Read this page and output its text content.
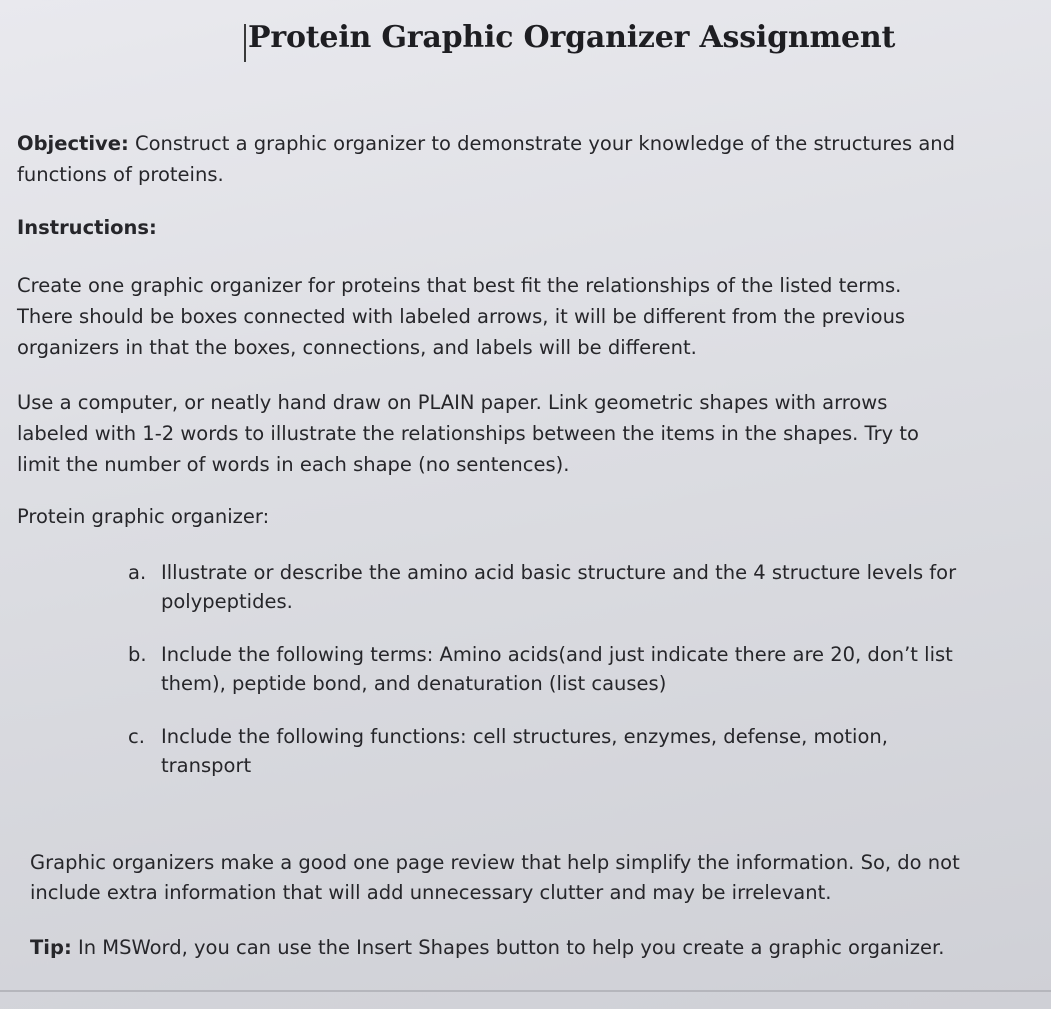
Protein Graphic Organizer Assignment
Objective: Construct a graphic organizer to demonstrate your knowledge of the structures and
functions of proteins.
Instructions:
Create one graphic organizer for proteins that best fit the relationships of the listed terms.
There should be boxes connected with labeled arrows, it will be different from the previous
organizers in that the boxes, connections, and labels will be different.
Use a computer, or neatly hand draw on PLAIN paper. Link geometric shapes with arrows
labeled with 1-2 words to illustrate the relationships between the items in the shapes. Try to
limit the number of words in each shape (no sentences).
Protein graphic organizer:
a. Illustrate or describe the amino acid basic structure and the 4 structure levels for
polypeptides.
b. Include the following terms: Amino acids(and just indicate there are 20, don’t list
them), peptide bond, and denaturation (list causes)
c. Include the following functions: cell structures, enzymes, defense, motion,
transport
Graphic organizers make a good one page review that help simplify the information. So, do not
include extra information that will add unnecessary clutter and may be irrelevant.
Tip: In MSWord, you can use the Insert Shapes button to help you create a graphic organizer.
